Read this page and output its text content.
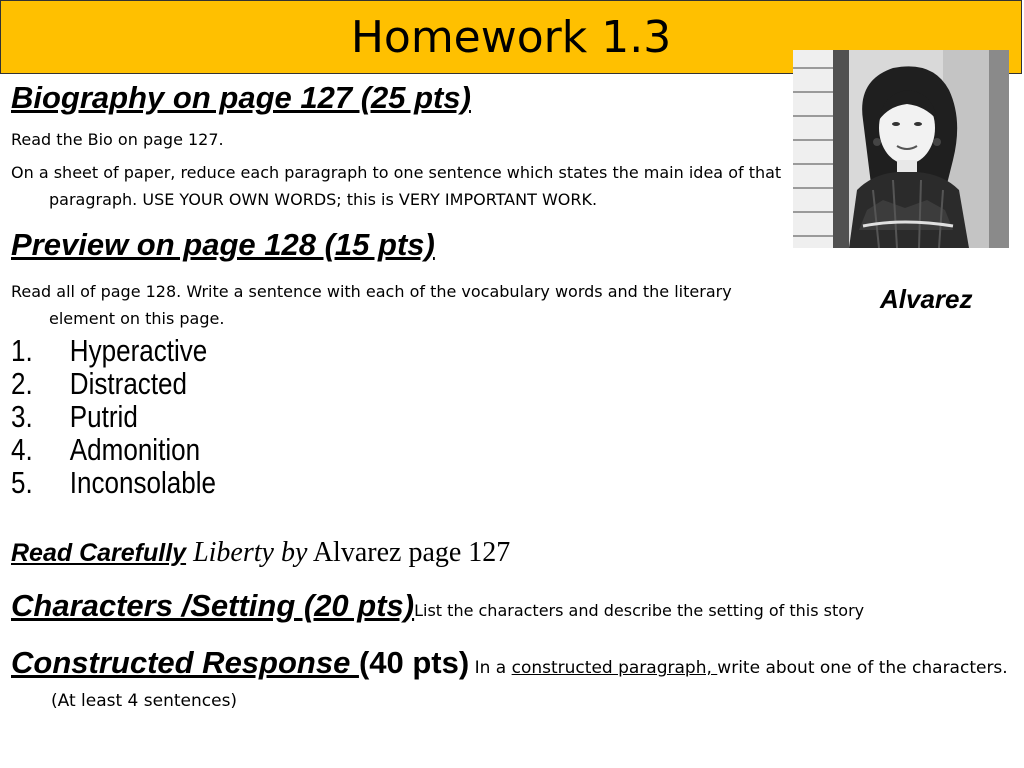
Homework 1.3
Alvarez
Biography on page 127 (25 pts)
Read the Bio on page 127.
On a sheet of paper, reduce each paragraph to one sentence which states the main idea of that paragraph. USE YOUR OWN WORDS; this is VERY IMPORTANT WORK.
Preview on page 128 (15 pts)
Read all of page 128. Write a sentence with each of the vocabulary words and the literary element on this page.
1. Hyperactive
2. Distracted
3. Putrid
4. Admonition
5. Inconsolable
Read Carefully Liberty by Alvarez page 127
Characters /Setting (20 pts)List the characters and describe the setting of this story
Constructed Response (40 pts) In a constructed paragraph, write about one of the characters. (At least 4 sentences)
